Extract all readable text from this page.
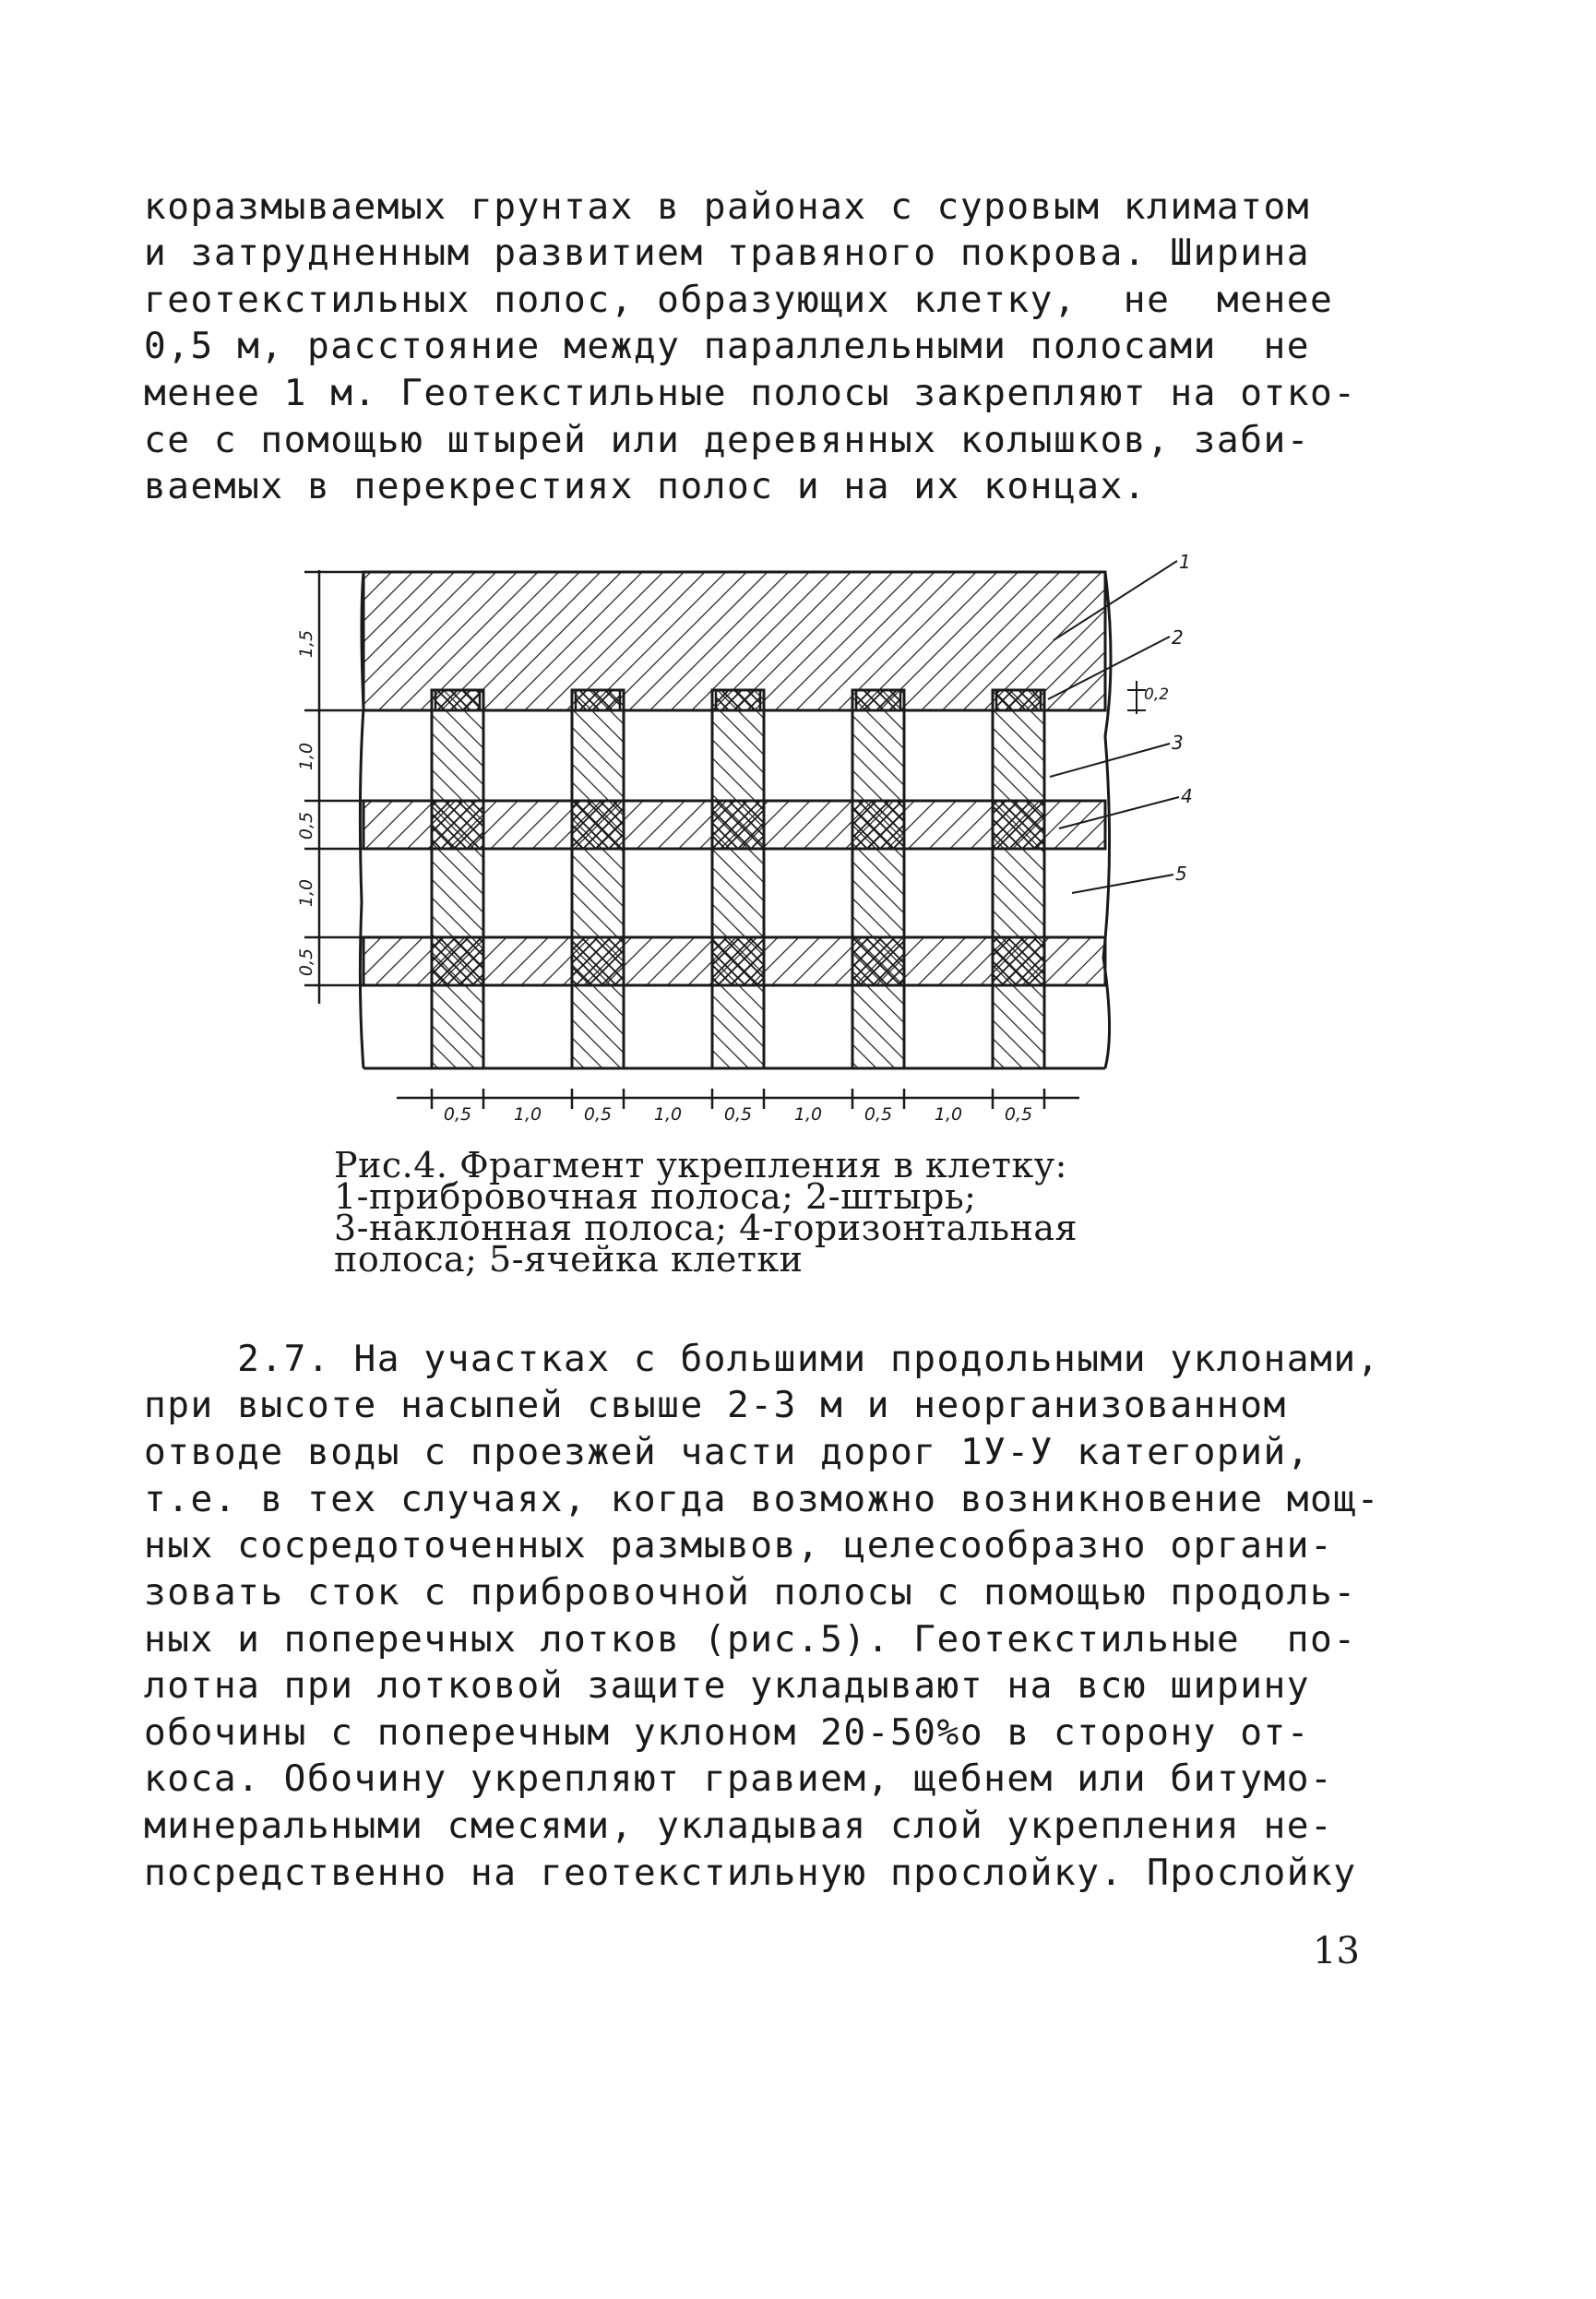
коразмываемых грунтах в районах с суровым климатом
и затрудненным развитием травяного покрова. Ширина
геотекстильных полос, образующих клетку,  не  менее
0,5 м, расстояние между параллельными полосами  не
менее 1 м. Геотекстильные полосы закрепляют на отко-
се с помощью штырей или деревянных колышков, заби-
ваемых в перекрестиях полос и на их концах.
1,5
1,0
0,5
1,0
0,5
0,5 1,0 0,5 1,0 0,5 1,0 0,5 1,0 0,5
0,2
1
2
3
4
5
Рис.4. Фрагмент укрепления в клетку:
1-прибровочная полоса; 2-штырь;
3-наклонная полоса; 4-горизонтальная
полоса; 5-ячейка клетки
2.7. На участках с большими продольными уклонами,
при высоте насыпей свыше 2-3 м и неорганизованном
отводе воды с проезжей части дорог 1У-У категорий,
т.е. в тех случаях, когда возможно возникновение мощ-
ных сосредоточенных размывов, целесообразно органи-
зовать сток с прибровочной полосы с помощью продоль-
ных и поперечных лотков (рис.5). Геотекстильные  по-
лотна при лотковой защите укладывают на всю ширину
обочины с поперечным уклоном 20-50%о в сторону от-
коса. Обочину укрепляют гравием, щебнем или битумо-
минеральными смесями, укладывая слой укрепления не-
посредственно на геотекстильную прослойку. Прослойку
13
